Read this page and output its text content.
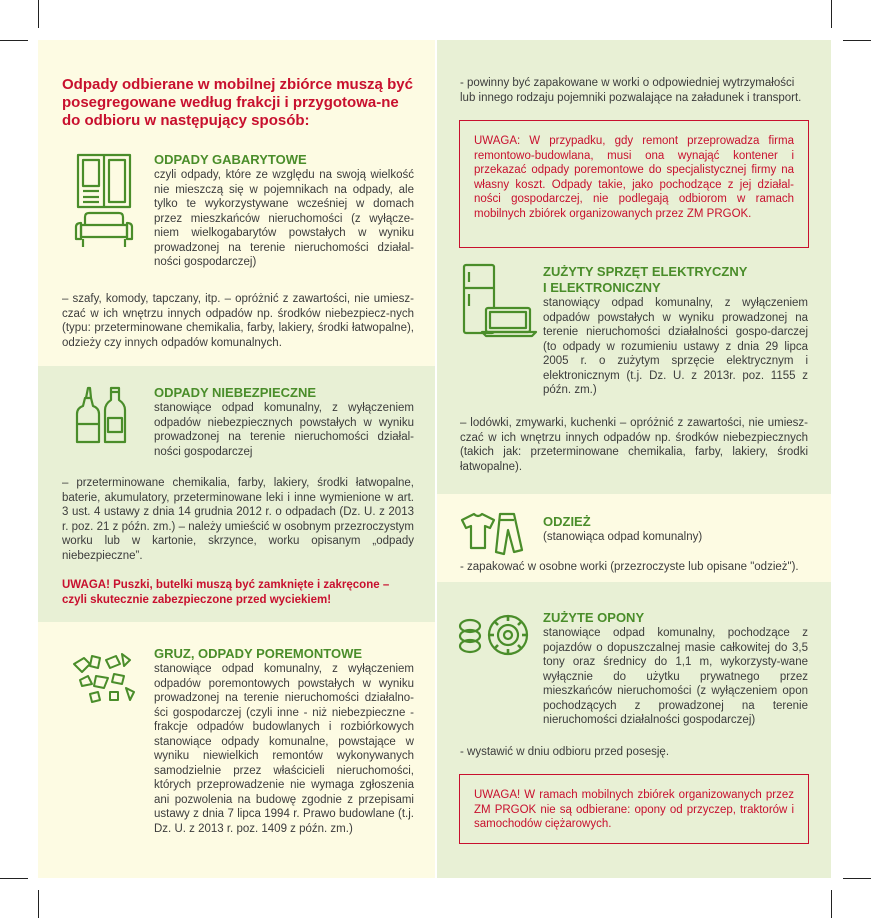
Odpady odbierane w mobilnej zbiórce muszą być posegregowane według frakcji i przygotowa-ne do odbioru w następujący sposób:
ODPADY GABARYTOWE
czyli odpady, które ze względu na swoją wielkość nie mieszczą się w pojemnikach na odpady, ale tylko te wykorzystywane wcześniej w domach przez mieszkańców nieruchomości (z wyłącze-niem wielkogabarytów powstałych w wyniku prowadzonej na terenie nieruchomości działal-ności gospodarczej)
– szafy, komody, tapczany, itp. – opróżnić z zawartości, nie umiesz-czać w ich wnętrzu innych odpadów np. środków niebezpiecz-nych (typu: przeterminowane chemikalia, farby, lakiery, środki łatwopalne), odzieży czy innych odpadów komunalnych.
ODPADY NIEBEZPIECZNE
stanowiące odpad komunalny, z wyłączeniem odpadów niebezpiecznych powstałych w wyniku prowadzonej na terenie nieruchomości działal-ności gospodarczej
– przeterminowane chemikalia, farby, lakiery, środki łatwopalne, baterie, akumulatory, przeterminowane leki i inne wymienione w art. 3 ust. 4 ustawy z dnia 14 grudnia 2012 r. o odpadach (Dz. U. z 2013 r. poz. 21 z późn. zm.) – należy umieścić w osobnym przezroczystym worku lub w kartonie, skrzynce, worku opisanym „odpady niebezpieczne”.
UWAGA! Puszki, butelki muszą być zamknięte i zakręcone – czyli skutecznie zabezpieczone przed wyciekiem!
GRUZ, ODPADY POREMONTOWE
stanowiące odpad komunalny, z wyłączeniem odpadów poremontowych powstałych w wyniku prowadzonej na terenie nieruchomości działalno-ści gospodarczej (czyli inne - niż niebezpieczne - frakcje odpadów budowlanych i rozbiórkowych stanowiące odpady komunalne, powstające w wyniku niewielkich remontów wykonywanych samodzielnie przez właścicieli nieruchomości, których przeprowadzenie nie wymaga zgłoszenia ani pozwolenia na budowę zgodnie z przepisami ustawy z dnia 7 lipca 1994 r. Prawo budowlane (t.j. Dz. U. z 2013 r. poz. 1409 z późn. zm.)
- powinny być zapakowane w worki o odpowiedniej wytrzymałości lub innego rodzaju pojemniki pozwalające na załadunek i transport.
UWAGA: W przypadku, gdy remont przeprowadza firma remontowo-budowlana, musi ona wynająć kontener i przekazać odpady poremontowe do specjalistycznej firmy na własny koszt. Odpady takie, jako pochodzące z jej działal-ności gospodarczej, nie podlegają odbiorom w ramach mobilnych zbiórek organizowanych przez ZM PRGOK.
ZUŻYTY SPRZĘT ELEKTRYCZNY
I ELEKTRONICZNY
stanowiący odpad komunalny, z wyłączeniem odpadów powstałych w wyniku prowadzonej na terenie nieruchomości działalności gospo-darczej (to odpady w rozumieniu ustawy z dnia 29 lipca 2005 r. o zużytym sprzęcie elektrycznym i elektronicznym (t.j. Dz. U. z 2013r. poz. 1155 z późn. zm.)
– lodówki, zmywarki, kuchenki – opróżnić z zawartości, nie umiesz-czać w ich wnętrzu innych odpadów np. środków niebezpiecznych (takich jak: przeterminowane chemikalia, farby, lakiery, środki łatwopalne).
ODZIEŻ
(stanowiąca odpad komunalny)
- zapakować w osobne worki (przezroczyste lub opisane "odzież").
ZUŻYTE OPONY
stanowiące odpad komunalny, pochodzące z pojazdów o dopuszczalnej masie całkowitej do 3,5 tony oraz średnicy do 1,1 m, wykorzysty-wane wyłącznie do użytku prywatnego przez mieszkańców nieruchomości (z wyłączeniem opon pochodzących z prowadzonej na terenie nieruchomości działalności gospodarczej)
- wystawić w dniu odbioru przed posesję.
UWAGA! W ramach mobilnych zbiórek organizowanych przez ZM PRGOK nie są odbierane: opony od przyczep, traktorów i samochodów ciężarowych.
